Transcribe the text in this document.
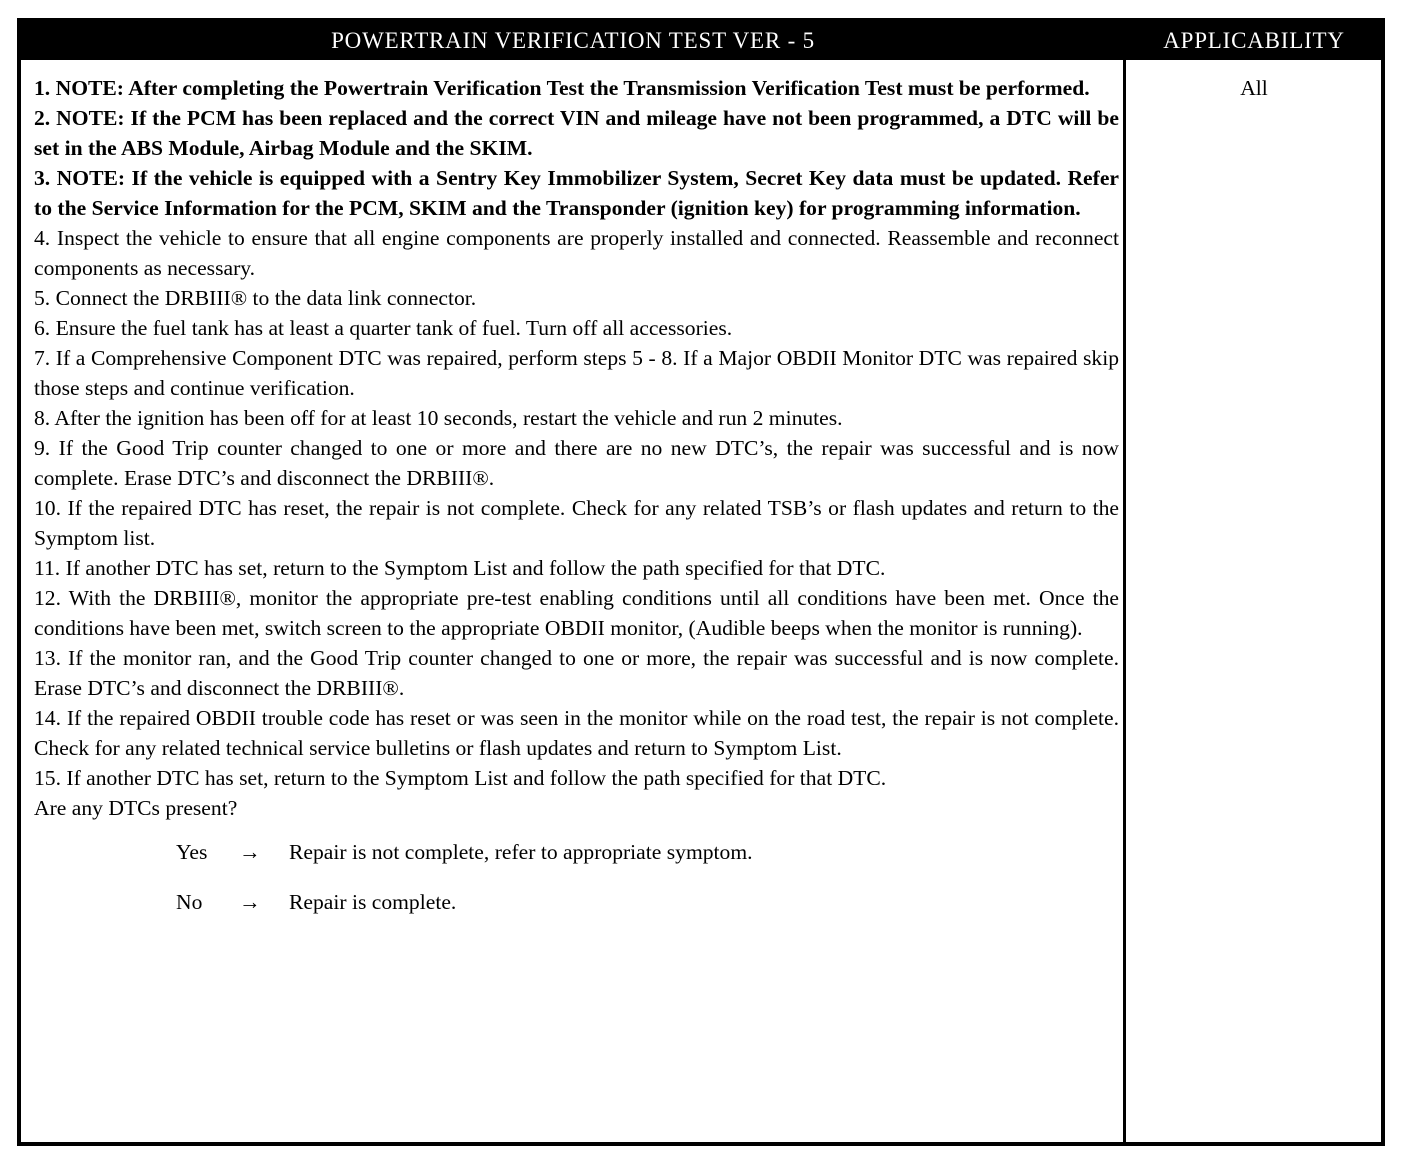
POWERTRAIN VERIFICATION TEST VER - 5	APPLICABILITY
1. NOTE: After completing the Powertrain Verification Test the Transmission Verification Test must be performed.
2. NOTE: If the PCM has been replaced and the correct VIN and mileage have not been programmed, a DTC will be set in the ABS Module, Airbag Module and the SKIM.
3. NOTE: If the vehicle is equipped with a Sentry Key Immobilizer System, Secret Key data must be updated. Refer to the Service Information for the PCM, SKIM and the Transponder (ignition key) for programming information.
4. Inspect the vehicle to ensure that all engine components are properly installed and connected. Reassemble and reconnect components as necessary.
5. Connect the DRBIII® to the data link connector.
6. Ensure the fuel tank has at least a quarter tank of fuel. Turn off all accessories.
7. If a Comprehensive Component DTC was repaired, perform steps 5 - 8. If a Major OBDII Monitor DTC was repaired skip those steps and continue verification.
8. After the ignition has been off for at least 10 seconds, restart the vehicle and run 2 minutes.
9. If the Good Trip counter changed to one or more and there are no new DTC’s, the repair was successful and is now complete. Erase DTC’s and disconnect the DRBIII®.
10. If the repaired DTC has reset, the repair is not complete. Check for any related TSB’s or flash updates and return to the Symptom list.
11. If another DTC has set, return to the Symptom List and follow the path specified for that DTC.
12. With the DRBIII®, monitor the appropriate pre-test enabling conditions until all conditions have been met. Once the conditions have been met, switch screen to the appropriate OBDII monitor, (Audible beeps when the monitor is running).
13. If the monitor ran, and the Good Trip counter changed to one or more, the repair was successful and is now complete. Erase DTC’s and disconnect the DRBIII®.
14. If the repaired OBDII trouble code has reset or was seen in the monitor while on the road test, the repair is not complete. Check for any related technical service bulletins or flash updates and return to Symptom List.
15. If another DTC has set, return to the Symptom List and follow the path specified for that DTC.
Are any DTCs present?
Yes → Repair is not complete, refer to appropriate symptom.
No → Repair is complete.
All
